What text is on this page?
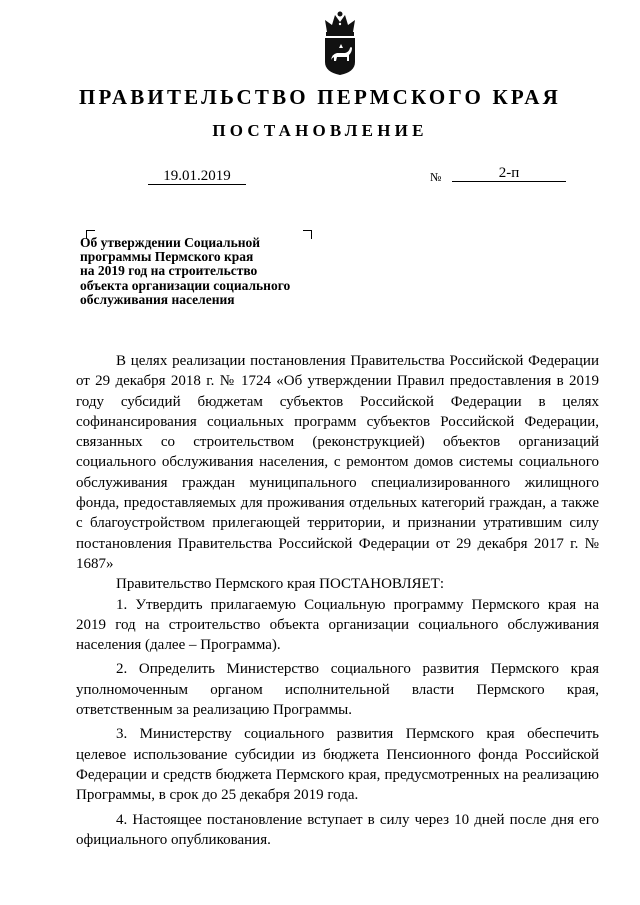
ПРАВИТЕЛЬСТВО ПЕРМСКОГО КРАЯ
ПОСТАНОВЛЕНИЕ
19.01.2019	№	2-п
Об утверждении Социальной
программы Пермского края
на 2019 год на строительство
объекта организации социального
обслуживания населения

В целях реализации постановления Правительства Российской Федерации от 29 декабря 2018 г. № 1724 «Об утверждении Правил предоставления в 2019 году субсидий бюджетам субъектов Российской Федерации в целях софинансирования социальных программ субъектов Российской Федерации, связанных со строительством (реконструкцией) объектов организаций социального обслуживания населения, с ремонтом домов системы социального обслуживания граждан муниципального специализированного жилищного фонда, предоставляемых для проживания отдельных категорий граждан, а также с благоустройством прилегающей территории, и признании утратившим силу постановления Правительства Российской Федерации от 29 декабря 2017 г. № 1687»

Правительство Пермского края ПОСТАНОВЛЯЕТ:

1. Утвердить прилагаемую Социальную программу Пермского края на 2019 год на строительство объекта организации социального обслуживания населения (далее – Программа).

2. Определить Министерство социального развития Пермского края уполномоченным органом исполнительной власти Пермского края, ответственным за реализацию Программы.

3. Министерству социального развития Пермского края обеспечить целевое использование субсидии из бюджета Пенсионного фонда Российской Федерации и средств бюджета Пермского края, предусмотренных на реализацию Программы, в срок до 25 декабря 2019 года.

4. Настоящее постановление вступает в силу через 10 дней после дня его официального опубликования.
